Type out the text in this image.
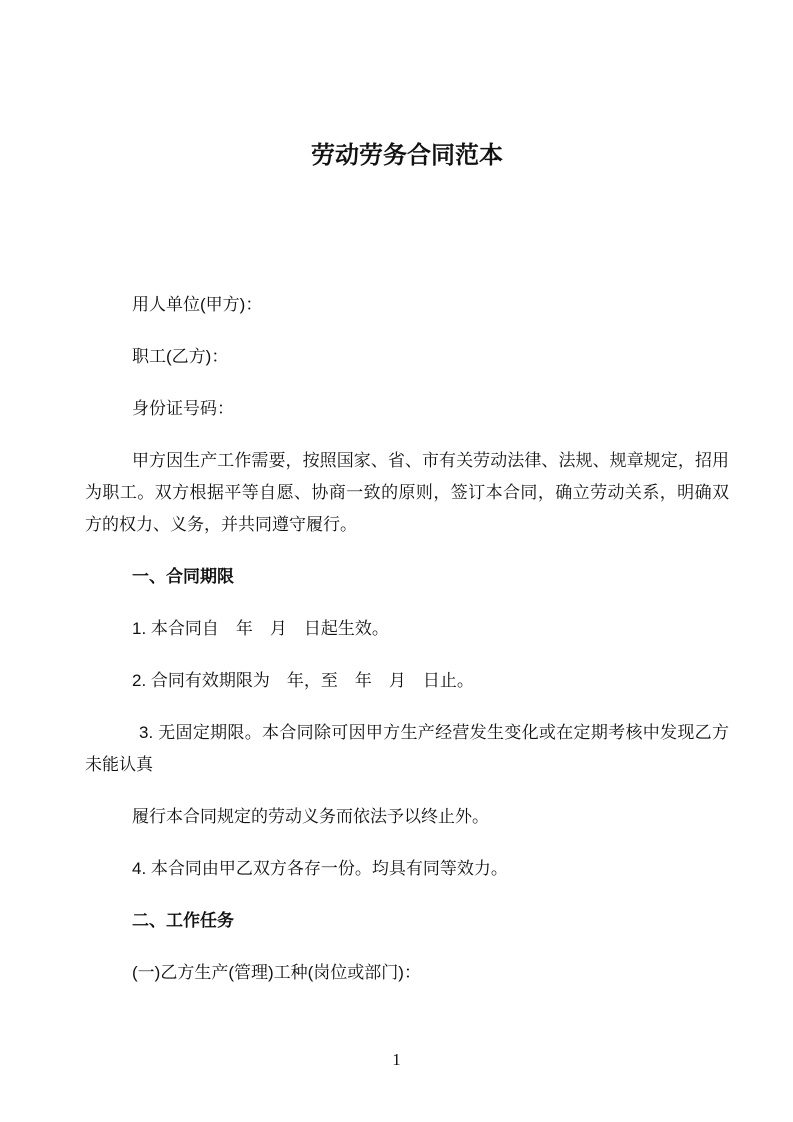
劳动劳务合同范本

用人单位(甲方)：

职工(乙方)：

身份证号码：

甲方因生产工作需要，按照国家、省、市有关劳动法律、法规、规章规定，招用为职工。双方根据平等自愿、协商一致的原则，签订本合同，确立劳动关系，明确双方的权力、义务，并共同遵守履行。

一、合同期限

1. 本合同自　年　月　日起生效。

2. 合同有效期限为　年，至　年　月　日止。

3. 无固定期限。本合同除可因甲方生产经营发生变化或在定期考核中发现乙方未能认真

履行本合同规定的劳动义务而依法予以终止外。

4. 本合同由甲乙双方各存一份。均具有同等效力。

二、工作任务

(一)乙方生产(管理)工种(岗位或部门)：

1
